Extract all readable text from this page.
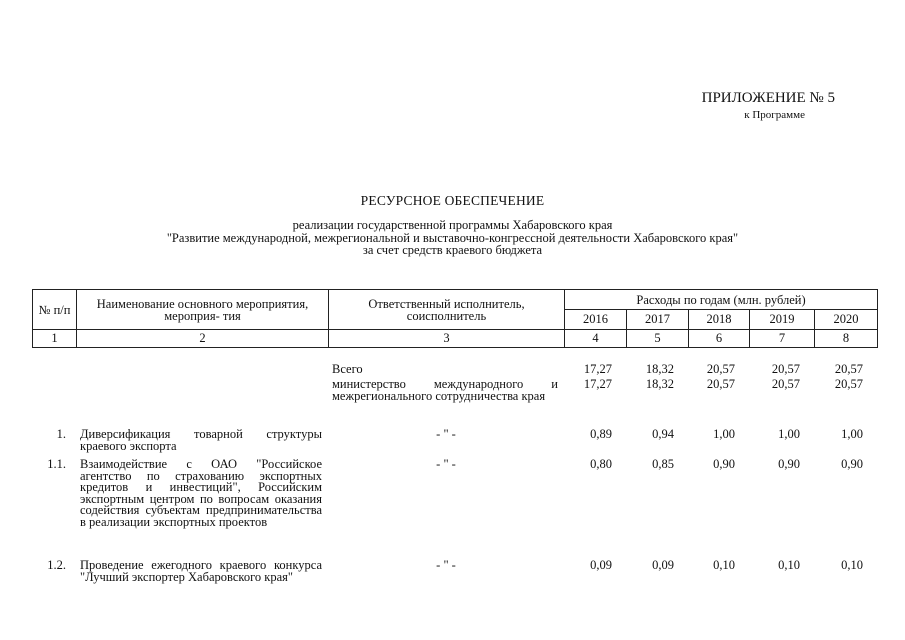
ПРИЛОЖЕНИЕ № 5
к Программе
РЕСУРСНОЕ ОБЕСПЕЧЕНИЕ
реализации государственной программы Хабаровского края
"Развитие международной, межрегиональной и выставочно-конгрессной деятельности Хабаровского края"
за счет средств краевого бюджета
№ п/п	Наименование основного мероприятия, мероприя- тия	Ответственный исполнитель, соисполнитель	Расходы по годам (млн. рублей)				
			2016	2017	2018	2019	2020
1	2	3	4	5	6	7	8
		Всего	17,27	18,32	20,57	20,57	20,57
		министерство международного и межрегионального сотрудничества края	17,27	18,32	20,57	20,57	20,57
1.	Диверсификация товарной структуры краевого экспорта	- " -	0,89	0,94	1,00	1,00	1,00
1.1.	Взаимодействие с ОАО "Российское агентство по страхованию экспортных кредитов и инвестиций", Российским экспортным центром по вопросам оказания содействия субъектам предпринимательства в реализации экспортных проектов	- " -	0,80	0,85	0,90	0,90	0,90
1.2.	Проведение ежегодного краевого конкурса "Лучший экспортер Хабаровского края"	- " -	0,09	0,09	0,10	0,10	0,10
